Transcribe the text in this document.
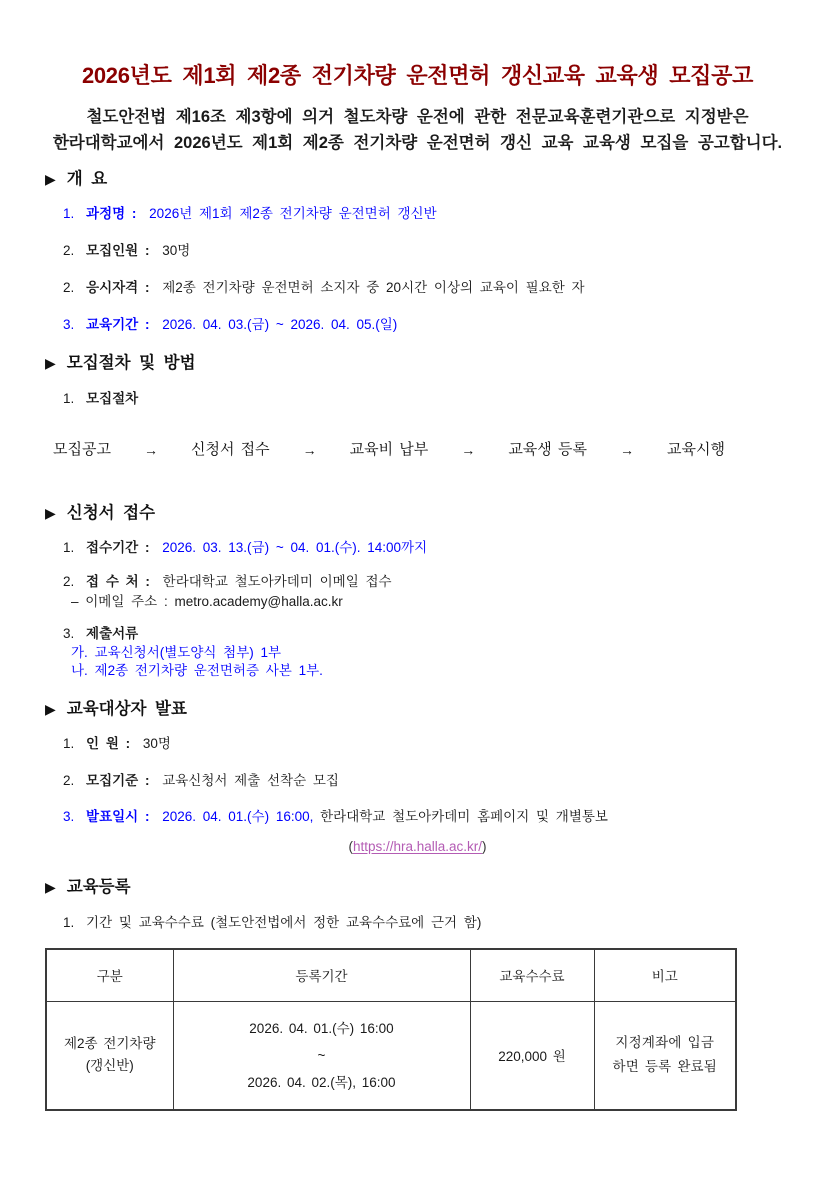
2026년도 제1회 제2종 전기차량 운전면허 갱신교육 교육생 모집공고
철도안전법 제16조 제3항에 의거 철도차량 운전에 관한 전문교육훈련기관으로 지정받은
한라대학교에서 2026년도 제1회 제2종 전기차량 운전면허 갱신 교육 교육생 모집을 공고합니다.
▶ 개 요
1. 과정명 : 2026년 제1회 제2종 전기차량 운전면허 갱신반
2. 모집인원 : 30명
2. 응시자격 : 제2종 전기차량 운전면허 소지자 중 20시간 이상의 교육이 필요한 자
3. 교육기간 : 2026. 04. 03.(금) ~ 2026. 04. 05.(일)
▶ 모집절차 및 방법
1. 모집절차
모집공고 → 신청서 접수 → 교육비 납부 → 교육생 등록 → 교육시행
▶ 신청서 접수
1. 접수기간 : 2026. 03. 13.(금) ~ 04. 01.(수). 14:00까지
2. 접 수 처 : 한라대학교 철도아카데미 이메일 접수
– 이메일 주소 : metro.academy@halla.ac.kr
3. 제출서류
가. 교육신청서(별도양식 첨부) 1부
나. 제2종 전기차량 운전면허증 사본 1부.
▶ 교육대상자 발표
1. 인 원 : 30명
2. 모집기준 : 교육신청서 제출 선착순 모집
3. 발표일시 : 2026. 04. 01.(수) 16:00, 한라대학교 철도아카데미 홈페이지 및 개별통보
(https://hra.halla.ac.kr/)
▶ 교육등록
1. 기간 및 교육수수료 (철도안전법에서 정한 교육수수료에 근거 함)
구분	등록기간	교육수수료	비고

제2종 전기차량
(갱신반)	2026. 04. 01.(수) 16:00
~
2026. 04. 02.(목), 16:00	220,000 원	지정계좌에 입금
하면 등록 완료됨
